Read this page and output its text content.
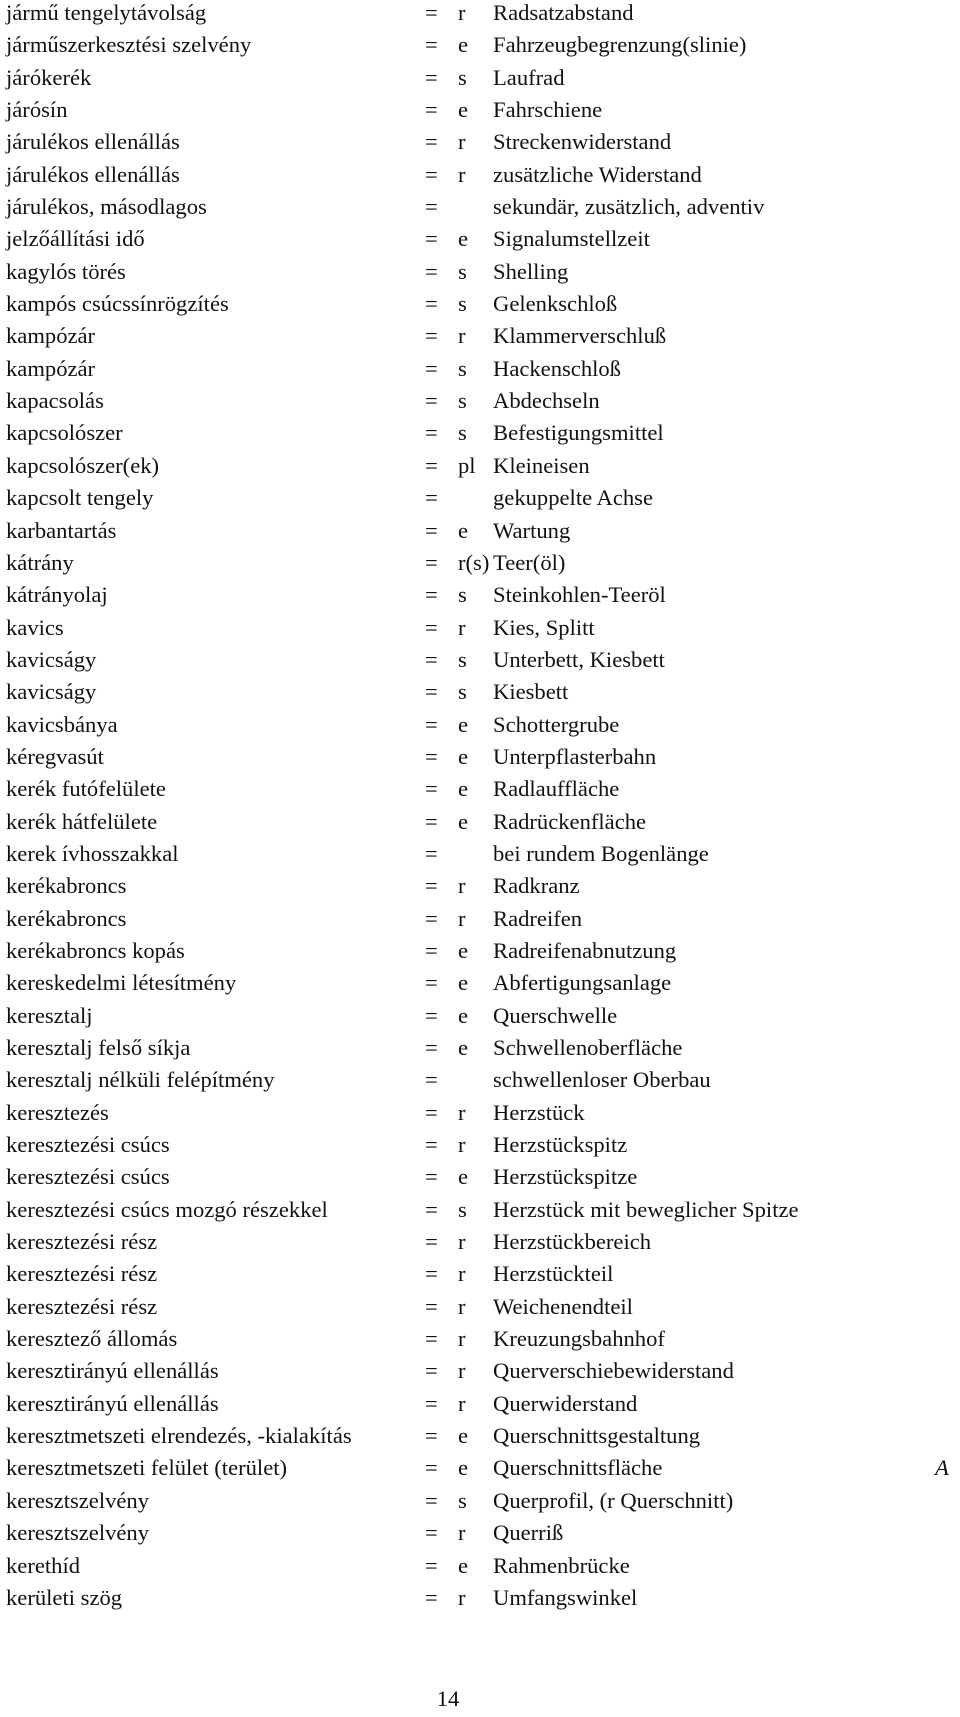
jármű tengelytávolság	= r Radsatzabstand
járműszerkesztési szelvény	= e Fahrzeugbegrenzung(slinie)
járókerék	= s Laufrad
járósín	= e Fahrschiene
járulékos ellenállás	= r Streckenwiderstand
járulékos ellenállás	= r zusätzliche Widerstand
járulékos, másodlagos	= sekundär, zusätzlich, adventiv
jelzőállítási idő	= e Signalumstellzeit
kagylós törés	= s Shelling
kampós csúcssínrögzítés	= s Gelenkschloß
kampózár	= r Klammerverschluß
kampózár	= s Hackenschloß
kapacsolás	= s Abdechseln
kapcsolószer	= s Befestigungsmittel
kapcsolószer(ek)	= pl Kleineisen
kapcsolt tengely	= gekuppelte Achse
karbantartás	= e Wartung
kátrány	= r(s) Teer(öl)
kátrányolaj	= s Steinkohlen-Teeröl
kavics	= r Kies, Splitt
kavicságy	= s Unterbett, Kiesbett
kavicságy	= s Kiesbett
kavicsbánya	= e Schottergrube
kéregvasút	= e Unterpflasterbahn
kerék futófelülete	= e Radlauffläche
kerék hátfelülete	= e Radrückenfläche
kerek ívhosszakkal	= bei rundem Bogenlänge
kerékabroncs	= r Radkranz
kerékabroncs	= r Radreifen
kerékabroncs kopás	= e Radreifenabnutzung
kereskedelmi létesítmény	= e Abfertigungsanlage
keresztalj	= e Querschwelle
keresztalj felső síkja	= e Schwellenoberfläche
keresztalj nélküli felépítmény	= schwellenloser Oberbau
keresztezés	= r Herzstück
keresztezési csúcs	= r Herzstückspitz
keresztezési csúcs	= e Herzstückspitze
keresztezési csúcs mozgó részekkel	= s Herzstück mit beweglicher Spitze
keresztezési rész	= r Herzstückbereich
keresztezési rész	= r Herzstückteil
keresztezési rész	= r Weichenendteil
keresztező állomás	= r Kreuzungsbahnhof
keresztirányú ellenállás	= r Querverschiebewiderstand
keresztirányú ellenállás	= r Querwiderstand
keresztmetszeti elrendezés, -kialakítás	= e Querschnittsgestaltung
keresztmetszeti felület (terület)	= e Querschnittsfläche	A
keresztszelvény	= s Querprofil, (r Querschnitt)
keresztszelvény	= r Querriß
kerethíd	= e Rahmenbrücke
kerületi szög	= r Umfangswinkel
14
